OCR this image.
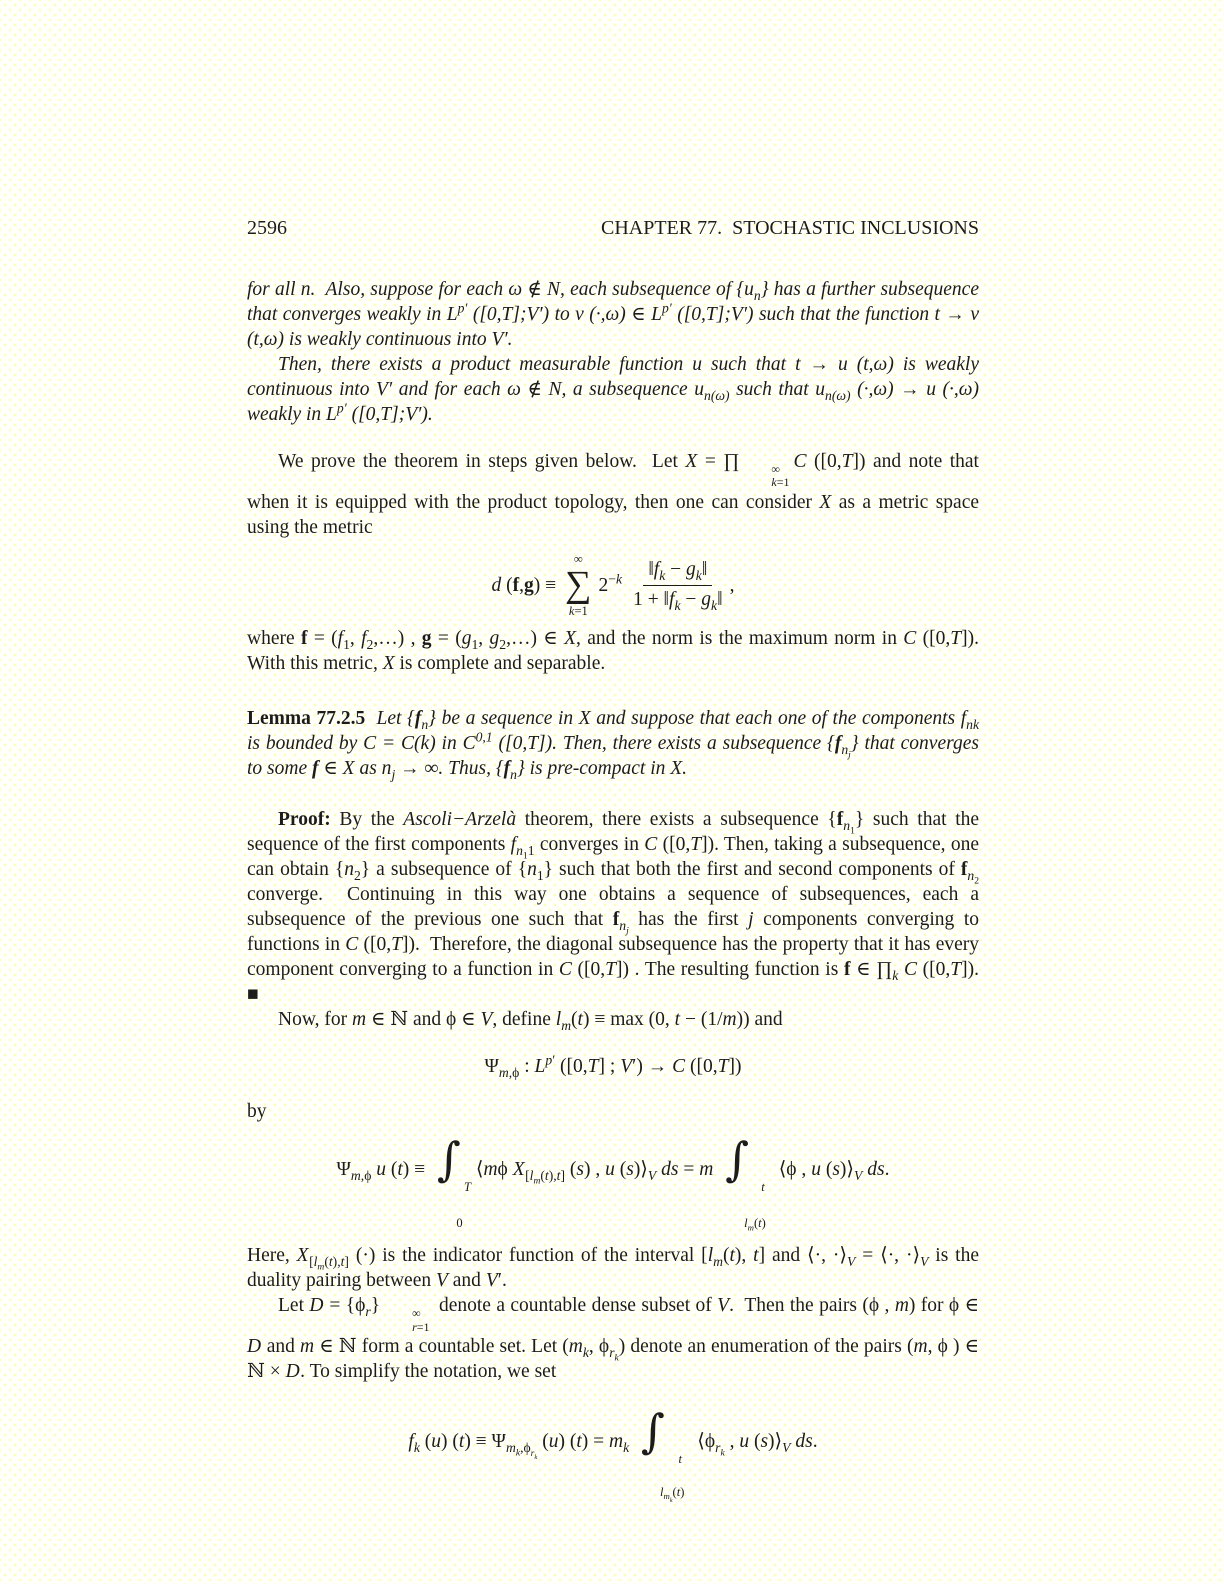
2596	CHAPTER 77.  STOCHASTIC INCLUSIONS

for all n.  Also, suppose for each ω ∉ N, each subsequence of $\{u_n\}$ has a further subsequence that converges weakly in $L^{p'}$ ([0,T];V′) to v (·,ω) ∈ $L^{p'}$ ([0,T];V′) such that the function t → v (t,ω) is weakly continuous into V′.

Then, there exists a product measurable function u such that t → u (t,ω) is weakly continuous into V′ and for each ω ∉ N, a subsequence $u_{n(\omega)}$ such that $u_{n(\omega)}$ (·,ω) → u (·,ω) weakly in $L^{p'}$ ([0,T];V′).

We prove the theorem in steps given below.  Let X = ∏	∞
k=1
C ([0,T]) and note that when it is equipped with the product topology, then one can consider X as a metric space using the metric

d (f,g) ≡
∞
∑
k=1
$2^{-k} \frac{‖f_k - g_k‖}{1 + ‖f_k - g_k‖}$ ,

where $f = (f_1$, $f_2,\dots$) , $g = (g_1$, $g_2,\dots$) ∈ X, and the norm is the maximum norm in C ([0,T]). With this metric, X is complete and separable.

Lemma 77.2.5 Let $\{f_n\}$ be a sequence in X and suppose that each one of the components $f_{nk}$ is bounded by C = C(k) in C$^{0,1}$ ([0,T]). Then, there exists a subsequence $\{f_{n_j}\}$ that converges to some f ∈ X as $n_j$ → ∞. Thus, $\{f_n\}$ is pre-compact in X.

Proof: By the Ascoli−Arzelà theorem, there exists a subsequence $\{f_{n_1}\}$ such that the sequence of the first components $f_{n_11}$ converges in C ([0,T]). Then, taking a subsequence, one can obtain $\{n_2\}$ a subsequence of $\{n_1\}$ such that both the first and second components of $f_{n_2}$ converge.  Continuing in this way one obtains a sequence of subsequences, each a subsequence of the previous one such that $f_{n_j}$ has the first j components converging to functions in C ([0,T]).  Therefore, the diagonal subsequence has the property that it has every component converging to a function in C ([0,T]) . The resulting function is f ∈ $\prod_k$ C ([0,T]). ■

Now, for m ∈ ℕ and ϕ ∈ V, define $l_m(t) \equiv \max (0$, t − (1/m)) and

$\Psi_{m,\phi}$ : $L^{p'}$ ([0,T] ; V′) → C ([0,T])

by

$\Psi_{m,\phi}$ u (t) ≡ ∫
T
0
⟨mϕ $X_{[l_m(t),t]}$ (s) , u $(s)⟩_V$ ds = m ∫
t
$l_m(t)$
⟨ϕ , u $(s)⟩_V$ ds.

Here, $X_{[l_m(t),t]}$ (·) is the indicator function of the interval [$l_m(t)$, t] and ⟨·, $\cdot⟩_V$ = ⟨·, $\cdot⟩_V$ is the duality pairing between V and V′.

Let $D = \{\phi_r\}$	∞
r=1
denote a countable dense subset of V.  Then the pairs (ϕ , m) for ϕ ∈ D and m ∈ ℕ form a countable set. Let ($m_k$, $\phi_{r_k}$) denote an enumeration of the pairs (m, ϕ ) ∈ ℕ × D. To simplify the notation, we set

$f_k$ (u) $(t) \equiv \Psi_{m_k,\phi_{r_k}}$ (u) $(t) = m_k$ ∫
t
$l_{m_k}(t)$
$⟨\phi_{r_k}$ , u $(s)⟩_V$ ds.
